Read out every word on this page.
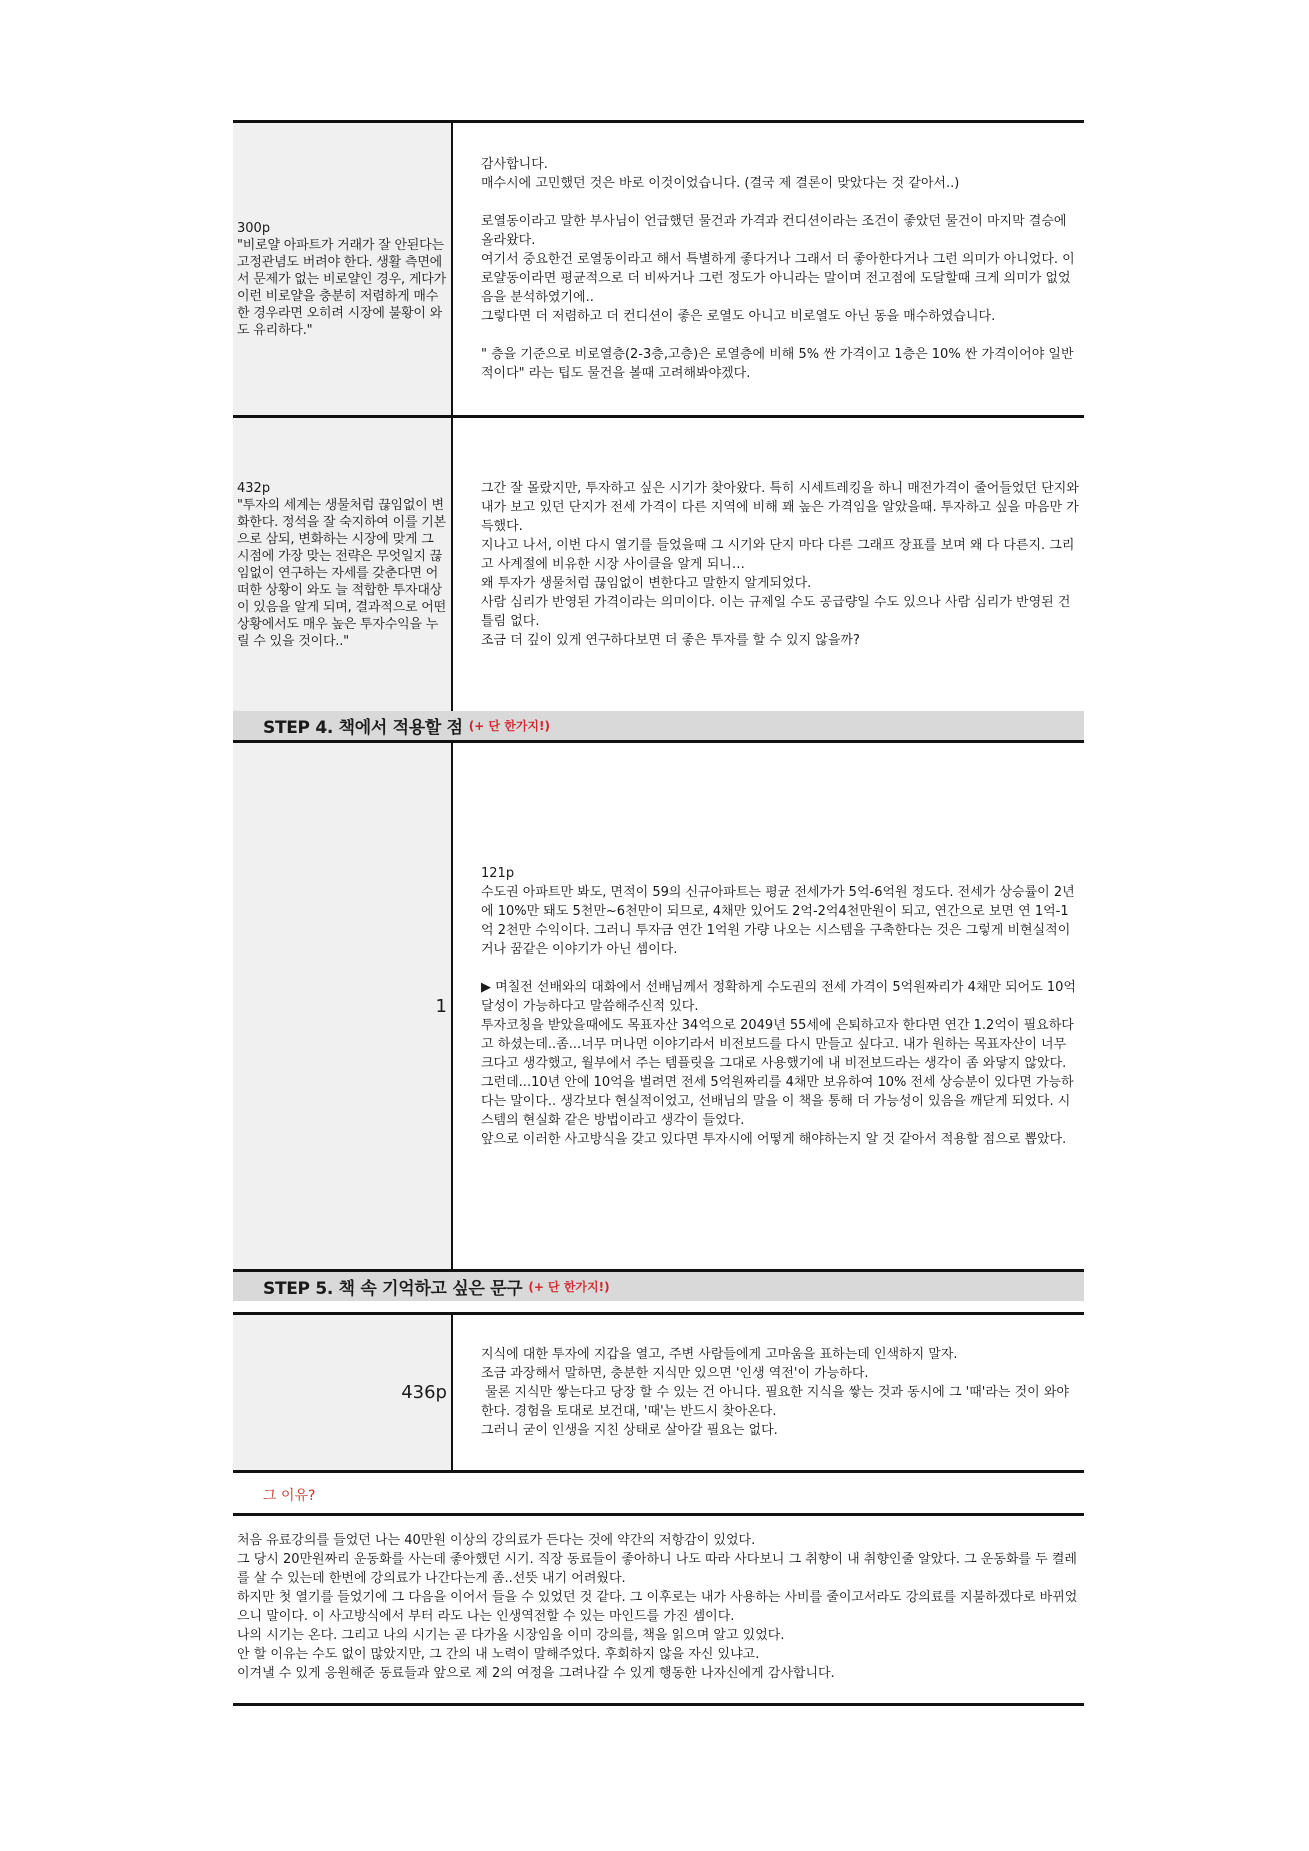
300p
"비로얄 아파트가 거래가 잘 안된다는 고정관념도 버려야 한다. 생활 측면에서 문제가 없는 비로얄인 경우, 게다가 이런 비로얄을 충분히 저렴하게 매수한 경우라면 오히려 시장에 불황이 와도 유리하다."

감사합니다.

매수시에 고민했던 것은 바로 이것이었습니다. (결국 제 결론이 맞았다는 것 같아서..)

로열동이라고 말한 부사님이 언급했던 물건과 가격과 컨디션이라는 조건이 좋았던 물건이 마지막 결승에 올라왔다.

여기서 중요한건 로열동이라고 해서 특별하게 좋다거나 그래서 더 좋아한다거나 그런 의미가 아니었다. 이 로얄동이라면 평균적으로 더 비싸거나 그런 정도가 아니라는 말이며 전고점에 도달할때 크게 의미가 없었음을 분석하였기에..

그렇다면 더 저렴하고 더 컨디션이 좋은 로열도 아니고 비로열도 아닌 동을 매수하였습니다.

" 층을 기준으로 비로열층(2-3층,고층)은 로열층에 비해 5% 싼 가격이고 1층은 10% 싼 가격이어야 일반적이다" 라는 팁도 물건을 볼때 고려해봐야겠다.

432p
"투자의 세계는 생물처럼 끊임없이 변화한다. 정석을 잘 숙지하여 이를 기본으로 삼되, 변화하는 시장에 맞게 그 시점에 가장 맞는 전략은 무엇일지 끊임없이 연구하는 자세를 갖춘다면 어떠한 상황이 와도 늘 적합한 투자대상이 있음을 알게 되며, 결과적으로 어떤 상황에서도 매우 높은 투자수익을 누릴 수 있을 것이다.."

그간 잘 몰랐지만, 투자하고 싶은 시기가 찾아왔다. 특히 시세트레킹을 하니 매전가격이 줄어들었던 단지와 내가 보고 있던 단지가 전세 가격이 다른 지역에 비해 꽤 높은 가격임을 알았을때. 투자하고 싶을 마음만 가득했다.

지나고 나서, 이번 다시 열기를 들었을때 그 시기와 단지 마다 다른 그래프 장표를 보며 왜 다 다른지. 그리고 사계절에 비유한 시장 사이클을 알게 되니…

왜 투자가 생물처럼 끊임없이 변한다고 말한지 알게되었다.

사람 심리가 반영된 가격이라는 의미이다. 이는 규제일 수도 공급량일 수도 있으나 사람 심리가 반영된 건 틀림 없다.

조금 더 깊이 있게 연구하다보면 더 좋은 투자를 할 수 있지 않을까?

STEP 4. 책에서 적용할 점 (+ 단 한가지!)
1

121p

수도권 아파트만 봐도, 면적이 59의 신규아파트는 평균 전세가가 5억-6억원 정도다. 전세가 상승률이 2년에 10%만 돼도 5천만~6천만이 되므로, 4채만 있어도 2억-2억4천만원이 되고, 연간으로 보면 연 1억-1억 2천만 수익이다. 그러니 투자금 연간 1억원 가량 나오는 시스템을 구축한다는 것은 그렇게 비현실적이거나 꿈같은 이야기가 아닌 셈이다.

▶ 며칠전 선배와의 대화에서 선배님께서 정확하게 수도권의 전세 가격이 5억원짜리가 4채만 되어도 10억 달성이 가능하다고 말씀해주신적 있다.

투자코칭을 받았을때에도 목표자산 34억으로 2049년 55세에 은퇴하고자 한다면 연간 1.2억이 필요하다고 하셨는데..좀...너무 머나먼 이야기라서 비전보드를 다시 만들고 싶다고. 내가 원하는 목표자산이 너무 크다고 생각했고, 월부에서 주는 템플릿을 그대로 사용했기에 내 비전보드라는 생각이 좀 와닿지 않았다.

그런데...10년 안에 10억을 벌려면 전세 5억원짜리를 4채만 보유하여 10% 전세 상승분이 있다면 가능하다는 말이다.. 생각보다 현실적이었고, 선배님의 말을 이 책을 통해 더 가능성이 있음을 깨닫게 되었다. 시스템의 현실화 같은 방법이라고 생각이 들었다.

앞으로 이러한 사고방식을 갖고 있다면 투자시에 어떻게 해야하는지 알 것 같아서 적용할 점으로 뽑았다.

STEP 5. 책 속 기억하고 싶은 문구 (+ 단 한가지!)
436p

지식에 대한 투자에 지갑을 열고, 주변 사람들에게 고마움을 표하는데 인색하지 말자.

조금 과장해서 말하면, 충분한 지식만 있으면 '인생 역전'이 가능하다.

물론 지식만 쌓는다고 당장 할 수 있는 건 아니다. 필요한 지식을 쌓는 것과 동시에 그 '때'라는 것이 와야한다. 경험을 토대로 보건대, '때'는 반드시 찾아온다.

그러니 굳이 인생을 지친 상태로 살아갈 필요는 없다.

그 이유?

처음 유료강의를 들었던 나는 40만원 이상의 강의료가 든다는 것에 약간의 저항감이 있었다.

그 당시 20만원짜리 운동화를 사는데 좋아했던 시기. 직장 동료들이 좋아하니 나도 따라 사다보니 그 취향이 내 취향인줄 알았다. 그 운동화를 두 켤레를 살 수 있는데 한번에 강의료가 나간다는게 좀..선뜻 내기 어려웠다.

하지만 첫 열기를 들었기에 그 다음을 이어서 들을 수 있었던 것 같다. 그 이후로는 내가 사용하는 사비를 줄이고서라도 강의료를 지불하겠다로 바뀌었으니 말이다. 이 사고방식에서 부터 라도 나는 인생역전할 수 있는 마인드를 가진 셈이다.

나의 시기는 온다. 그리고 나의 시기는 곧 다가올 시장임을 이미 강의를, 책을 읽으며 알고 있었다.

안 할 이유는 수도 없이 많았지만, 그 간의 내 노력이 말해주었다. 후회하지 않을 자신 있냐고.

이겨낼 수 있게 응원해준 동료들과 앞으로 제 2의 여정을 그려나갈 수 있게 행동한 나자신에게 감사합니다.
